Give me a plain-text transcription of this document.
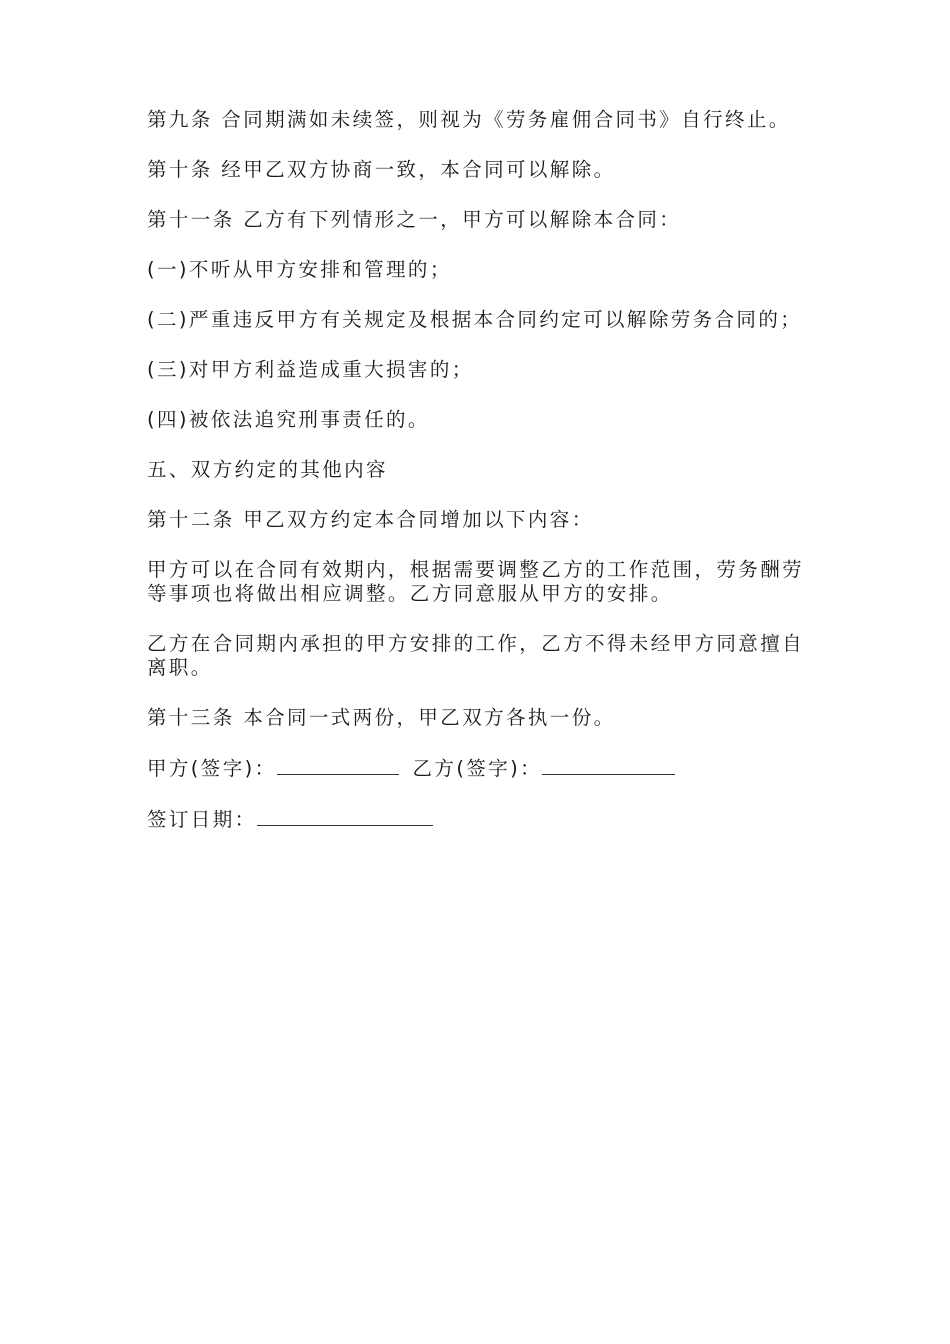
第九条 合同期满如未续签，则视为《劳务雇佣合同书》自行终止。

第十条 经甲乙双方协商一致，本合同可以解除。

第十一条 乙方有下列情形之一，甲方可以解除本合同：

(一)不听从甲方安排和管理的；

(二)严重违反甲方有关规定及根据本合同约定可以解除劳务合同的；

(三)对甲方利益造成重大损害的；

(四)被依法追究刑事责任的。

五、双方约定的其他内容

第十二条 甲乙双方约定本合同增加以下内容：

甲方可以在合同有效期内，根据需要调整乙方的工作范围，劳务酬劳等事项也将做出相应调整。乙方同意服从甲方的安排。

乙方在合同期内承担的甲方安排的工作，乙方不得未经甲方同意擅自离职。

第十三条 本合同一式两份，甲乙双方各执一份。

甲方(签字)：	乙方(签字)：
签订日期：
